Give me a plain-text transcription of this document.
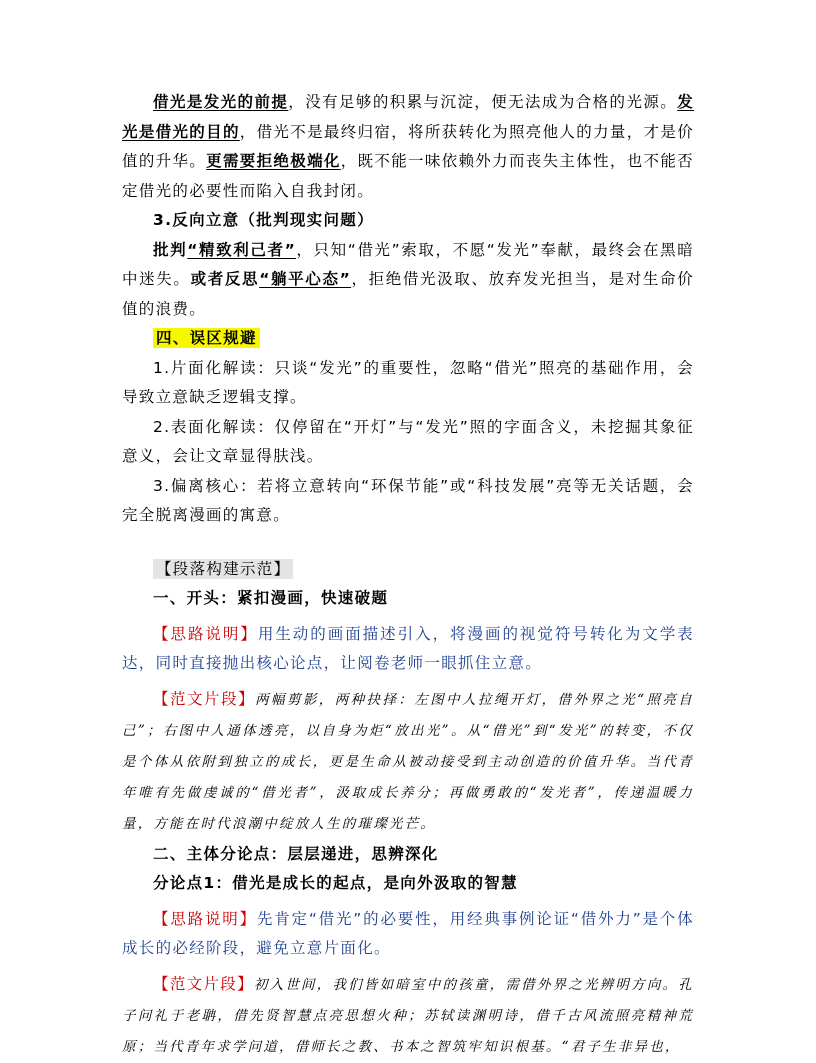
借光是发光的前提，没有足够的积累与沉淀，便无法成为合格的光源。发光是借光的目的，借光不是最终归宿，将所获转化为照亮他人的力量，才是价值的升华。更需要拒绝极端化，既不能一味依赖外力而丧失主体性，也不能否定借光的必要性而陷入自我封闭。

3.反向立意（批判现实问题）

批判“精致利己者”，只知“借光”索取，不愿“发光”奉献，最终会在黑暗中迷失。或者反思“躺平心态”，拒绝借光汲取、放弃发光担当，是对生命价值的浪费。

四、误区规避

1.片面化解读：只谈“发光”的重要性，忽略“借光”照亮的基础作用，会导致立意缺乏逻辑支撑。

2.表面化解读：仅停留在“开灯”与“发光”照的字面含义，未挖掘其象征意义，会让文章显得肤浅。

3.偏离核心：若将立意转向“环保节能”或“科技发展”亮等无关话题，会完全脱离漫画的寓意。

【段落构建示范】

一、开头：紧扣漫画，快速破题

【思路说明】用生动的画面描述引入，将漫画的视觉符号转化为文学表达，同时直接抛出核心论点，让阅卷老师一眼抓住立意。

【范文片段】两幅剪影，两种抉择：左图中人拉绳开灯，借外界之光“照亮自己”；右图中人通体透亮，以自身为炬“放出光”。从“借光”到“发光”的转变，不仅是个体从依附到独立的成长，更是生命从被动接受到主动创造的价值升华。当代青年唯有先做虔诚的“借光者”，汲取成长养分；再做勇敢的“发光者”，传递温暖力量，方能在时代浪潮中绽放人生的璀璨光芒。

二、主体分论点：层层递进，思辨深化

分论点1：借光是成长的起点，是向外汲取的智慧

【思路说明】先肯定“借光”的必要性，用经典事例论证“借外力”是个体成长的必经阶段，避免立意片面化。

【范文片段】初入世间，我们皆如暗室中的孩童，需借外界之光辨明方向。孔子问礼于老聃，借先贤智慧点亮思想火种；苏轼读渊明诗，借千古风流照亮精神荒原；当代青年求学问道，借师长之教、书本之智筑牢知识根基。“君子生非异也，
